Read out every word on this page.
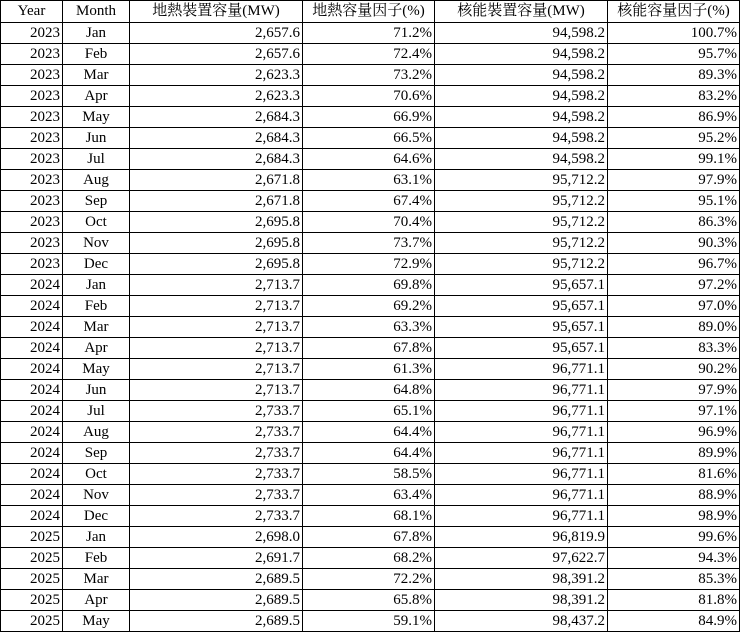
Year	Month	地熱裝置容量(MW)	地熱容量因子(%)	核能裝置容量(MW)	核能容量因子(%)
2023	Jan	2,657.6	71.2%	94,598.2	100.7%
2023	Feb	2,657.6	72.4%	94,598.2	95.7%
2023	Mar	2,623.3	73.2%	94,598.2	89.3%
2023	Apr	2,623.3	70.6%	94,598.2	83.2%
2023	May	2,684.3	66.9%	94,598.2	86.9%
2023	Jun	2,684.3	66.5%	94,598.2	95.2%
2023	Jul	2,684.3	64.6%	94,598.2	99.1%
2023	Aug	2,671.8	63.1%	95,712.2	97.9%
2023	Sep	2,671.8	67.4%	95,712.2	95.1%
2023	Oct	2,695.8	70.4%	95,712.2	86.3%
2023	Nov	2,695.8	73.7%	95,712.2	90.3%
2023	Dec	2,695.8	72.9%	95,712.2	96.7%
2024	Jan	2,713.7	69.8%	95,657.1	97.2%
2024	Feb	2,713.7	69.2%	95,657.1	97.0%
2024	Mar	2,713.7	63.3%	95,657.1	89.0%
2024	Apr	2,713.7	67.8%	95,657.1	83.3%
2024	May	2,713.7	61.3%	96,771.1	90.2%
2024	Jun	2,713.7	64.8%	96,771.1	97.9%
2024	Jul	2,733.7	65.1%	96,771.1	97.1%
2024	Aug	2,733.7	64.4%	96,771.1	96.9%
2024	Sep	2,733.7	64.4%	96,771.1	89.9%
2024	Oct	2,733.7	58.5%	96,771.1	81.6%
2024	Nov	2,733.7	63.4%	96,771.1	88.9%
2024	Dec	2,733.7	68.1%	96,771.1	98.9%
2025	Jan	2,698.0	67.8%	96,819.9	99.6%
2025	Feb	2,691.7	68.2%	97,622.7	94.3%
2025	Mar	2,689.5	72.2%	98,391.2	85.3%
2025	Apr	2,689.5	65.8%	98,391.2	81.8%
2025	May	2,689.5	59.1%	98,437.2	84.9%
